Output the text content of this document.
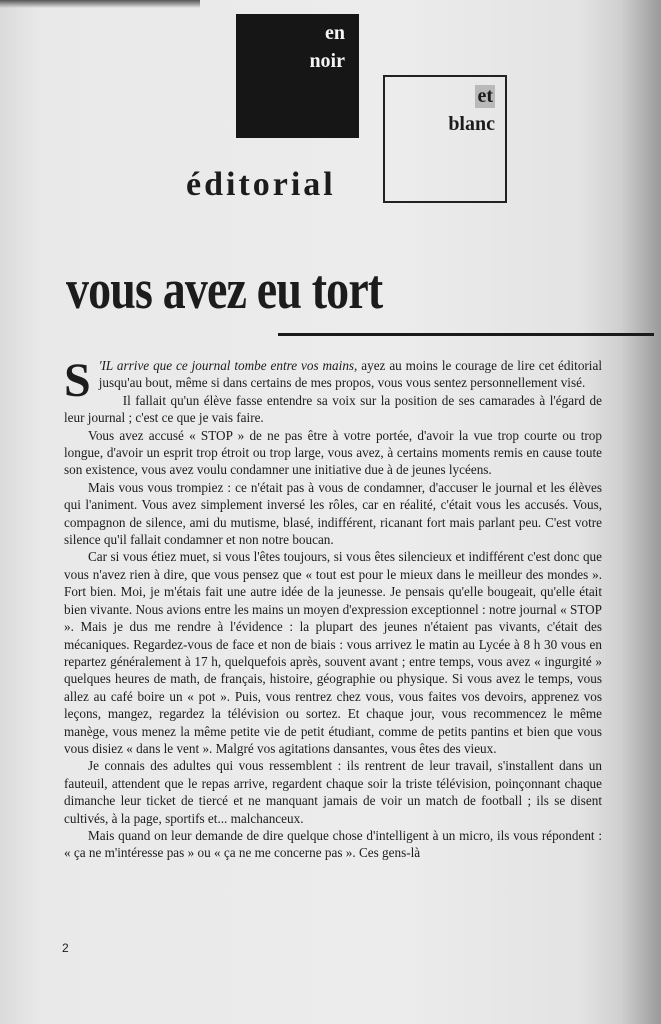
en
noir
et
blanc
éditorial
vous avez eu tort

S 'IL arrive que ce journal tombe entre vos mains, ayez au moins le courage de lire cet éditorial jusqu'au bout, même si dans certains de mes propos, vous vous sentez personnellement visé.

Il fallait qu'un élève fasse entendre sa voix sur la position de ses camarades à l'égard de leur journal ; c'est ce que je vais faire.

Vous avez accusé « STOP » de ne pas être à votre portée, d'avoir la vue trop courte ou trop longue, d'avoir un esprit trop étroit ou trop large, vous avez, à certains moments remis en cause toute son existence, vous avez voulu condamner une initiative due à de jeunes lycéens.

Mais vous vous trompiez : ce n'était pas à vous de condamner, d'accuser le journal et les élèves qui l'animent. Vous avez simplement inversé les rôles, car en réalité, c'était vous les accusés. Vous, compagnon de silence, ami du mutisme, blasé, indifférent, ricanant fort mais parlant peu. C'est votre silence qu'il fallait condamner et non notre boucan.

Car si vous étiez muet, si vous l'êtes toujours, si vous êtes silencieux et indifférent c'est donc que vous n'avez rien à dire, que vous pensez que « tout est pour le mieux dans le meilleur des mondes ». Fort bien. Moi, je m'étais fait une autre idée de la jeunesse. Je pensais qu'elle bougeait, qu'elle était bien vivante. Nous avions entre les mains un moyen d'expression exceptionnel : notre journal « STOP ». Mais je dus me rendre à l'évidence : la plupart des jeunes n'étaient pas vivants, c'était des mécaniques. Regardez-vous de face et non de biais : vous arrivez le matin au Lycée à 8 h 30 vous en repartez généralement à 17 h, quelquefois après, souvent avant ; entre temps, vous avez « ingurgité » quelques heures de math, de français, histoire, géographie ou physique. Si vous avez le temps, vous allez au café boire un « pot ». Puis, vous rentrez chez vous, vous faites vos devoirs, apprenez vos leçons, mangez, regardez la télévision ou sortez. Et chaque jour, vous recommencez le même manège, vous menez la même petite vie de petit étudiant, comme de petits pantins et bien que vous vous disiez « dans le vent ». Malgré vos agitations dansantes, vous êtes des vieux.

Je connais des adultes qui vous ressemblent : ils rentrent de leur travail, s'installent dans un fauteuil, attendent que le repas arrive, regardent chaque soir la triste télévision, poinçonnant chaque dimanche leur ticket de tiercé et ne manquant jamais de voir un match de football ; ils se disent cultivés, à la page, sportifs et... malchanceux.

Mais quand on leur demande de dire quelque chose d'intelligent à un micro, ils vous répondent : « ça ne m'intéresse pas » ou « ça ne me concerne pas ». Ces gens-là

2
